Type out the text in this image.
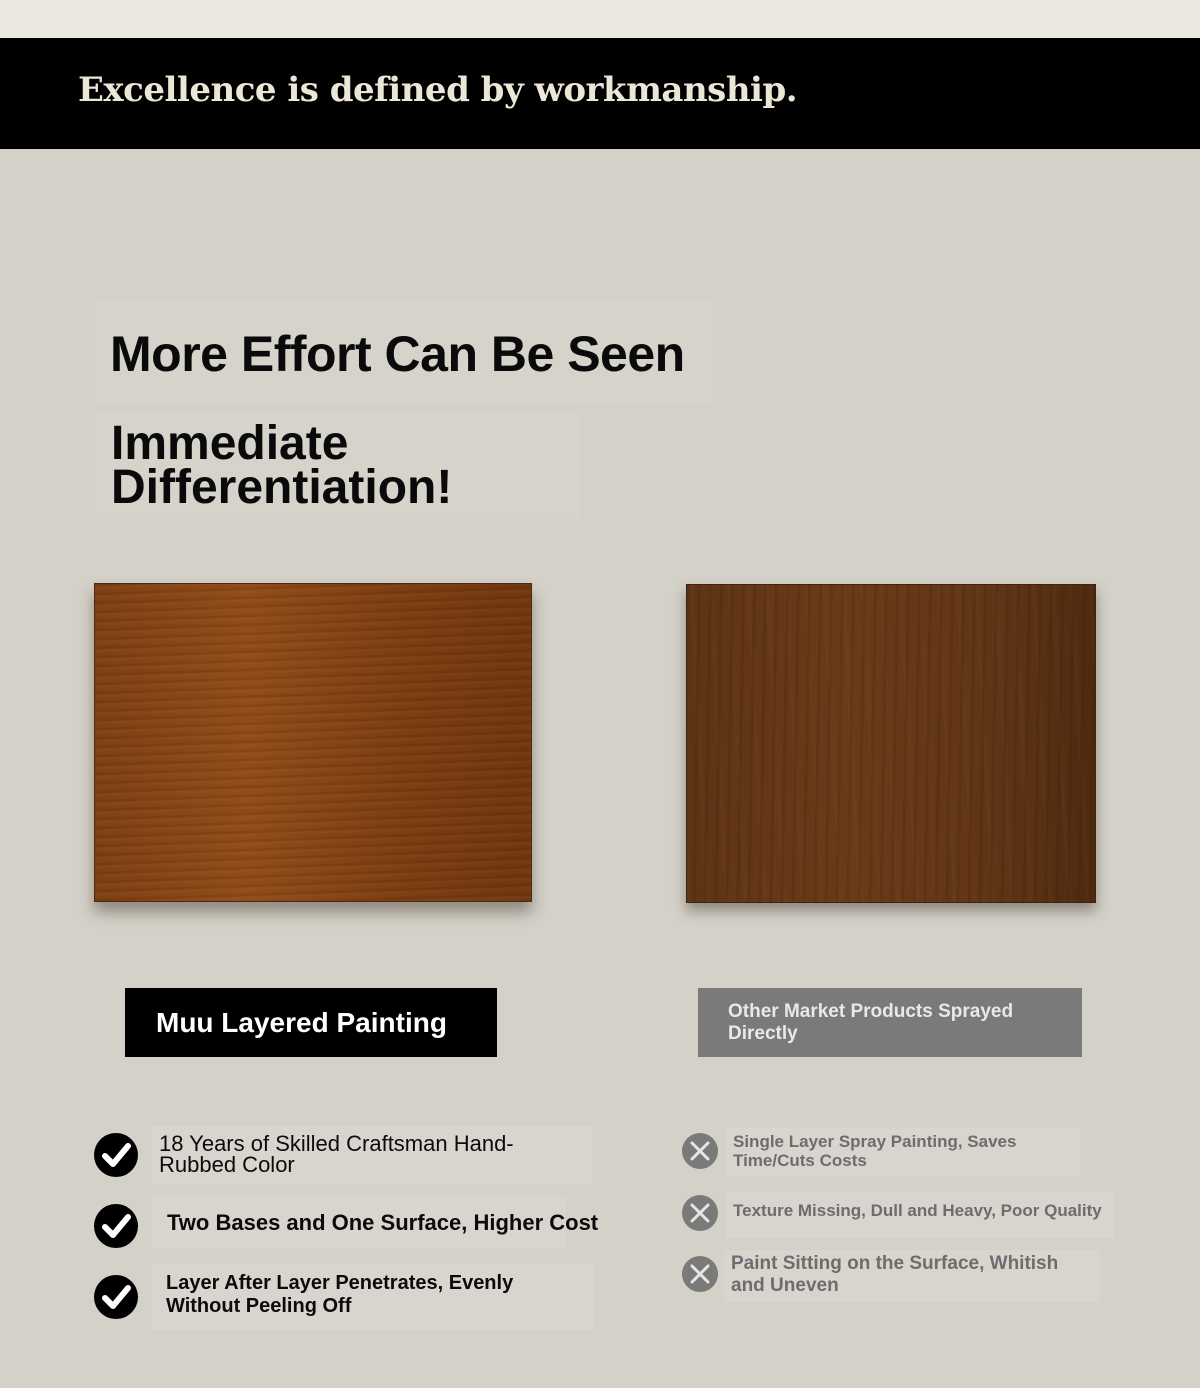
Excellence is defined by workmanship.
More Effort Can Be Seen
Immediate Differentiation!
Muu Layered Painting	Other Market Products Sprayed Directly
18 Years of Skilled Craftsman Hand-Rubbed Color
Two Bases and One Surface, Higher Cost
Layer After Layer Penetrates, Evenly Without Peeling Off
Single Layer Spray Painting, Saves Time/Cuts Costs
Texture Missing, Dull and Heavy, Poor Quality
Paint Sitting on the Surface, Whitish and Uneven
